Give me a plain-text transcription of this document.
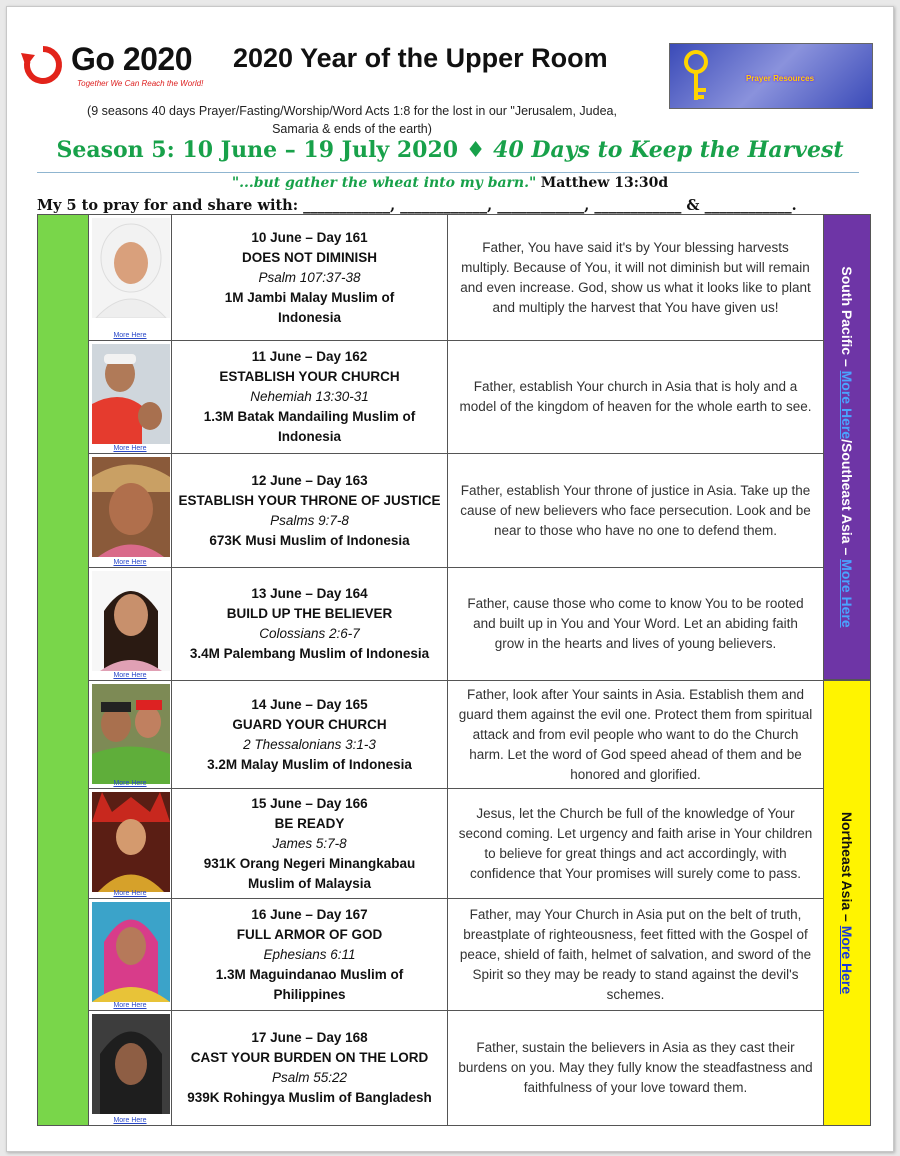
Go 2020
Together We Can Reach the World!
2020 Year of the Upper Room
Prayer Resources
(9 seasons 40 days Prayer/Fasting/Worship/Word Acts 1:8 for the lost in our "Jerusalem, Judea,
Samaria & ends of the earth)
Season 5: 10 June – 19 July 2020 ♦ 40 Days to Keep the Harvest
"...but gather the wheat into my barn." Matthew 13:30d
My 5 to pray for and share with: ____________, ____________, ____________, ____________ & ____________.
More Here
10 June – Day 161
DOES NOT DIMINISH
Psalm 107:37-38
1M Jambi Malay Muslim of Indonesia
Father, You have said it's by Your blessing harvests multiply. Because of You, it will not diminish but will remain and even increase. God, show us what it looks like to plant and multiply the harvest that You have given us!
More Here
11 June – Day 162
ESTABLISH YOUR CHURCH
Nehemiah 13:30-31
1.3M Batak Mandailing Muslim of Indonesia
Father, establish Your church in Asia that is holy and a model of the kingdom of heaven for the whole earth to see.
More Here
12 June – Day 163
ESTABLISH YOUR THRONE OF JUSTICE
Psalms 9:7-8
673K Musi Muslim of Indonesia
Father, establish Your throne of justice in Asia. Take up the cause of new believers who face persecution. Look and be near to those who have no one to defend them.
More Here
13 June – Day 164
BUILD UP THE BELIEVER
Colossians 2:6-7
3.4M Palembang Muslim of Indonesia
Father, cause those who come to know You to be rooted and built up in You and Your Word. Let an abiding faith grow in the hearts and lives of young believers.
More Here
14 June – Day 165
GUARD YOUR CHURCH
2 Thessalonians 3:1-3
3.2M Malay Muslim of Indonesia
Father, look after Your saints in Asia. Establish them and guard them against the evil one. Protect them from spiritual attack and from evil people who want to do the Church harm. Let the word of God speed ahead of them and be honored and glorified.
More Here
15 June – Day 166
BE READY
James 5:7-8
931K Orang Negeri Minangkabau Muslim of Malaysia
Jesus, let the Church be full of the knowledge of Your second coming. Let urgency and faith arise in Your children to believe for great things and act accordingly, with confidence that Your promises will surely come to pass.
More Here
16 June – Day 167
FULL ARMOR OF GOD
Ephesians 6:11
1.3M Maguindanao Muslim of Philippines
Father, may Your Church in Asia put on the belt of truth, breastplate of righteousness, feet fitted with the Gospel of peace, shield of faith, helmet of salvation, and sword of the Spirit so they may be ready to stand against the devil's schemes.
More Here
17 June – Day 168
CAST YOUR BURDEN ON THE LORD
Psalm 55:22
939K Rohingya Muslim of Bangladesh
Father, sustain the believers in Asia as they cast their burdens on you. May they fully know the steadfastness and faithfulness of your love toward them.
South Pacific – More Here/Southeast Asia – More Here
Northeast Asia – More Here
